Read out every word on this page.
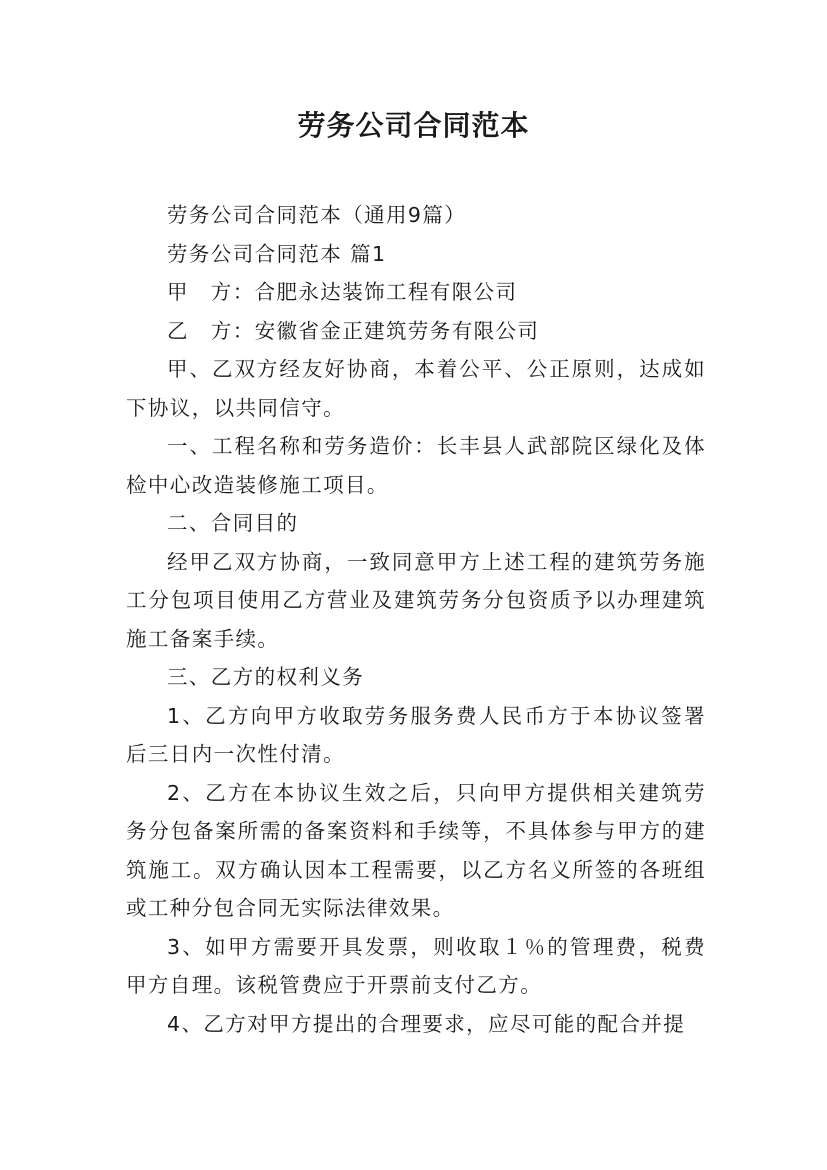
劳务公司合同范本

劳务公司合同范本（通用9篇）

劳务公司合同范本 篇1

甲　方：合肥永达装饰工程有限公司

乙　方：安徽省金正建筑劳务有限公司

甲、乙双方经友好协商，本着公平、公正原则，达成如下协议，以共同信守。

一、工程名称和劳务造价：长丰县人武部院区绿化及体检中心改造装修施工项目。

二、合同目的

经甲乙双方协商，一致同意甲方上述工程的建筑劳务施工分包项目使用乙方营业及建筑劳务分包资质予以办理建筑施工备案手续。

三、乙方的权利义务

1、乙方向甲方收取劳务服务费人民币方于本协议签署后三日内一次性付清。

2、乙方在本协议生效之后，只向甲方提供相关建筑劳务分包备案所需的备案资料和手续等，不具体参与甲方的建筑施工。双方确认因本工程需要，以乙方名义所签的各班组或工种分包合同无实际法律效果。

3、如甲方需要开具发票，则收取１％的管理费，税费甲方自理。该税管费应于开票前支付乙方。

4、乙方对甲方提出的合理要求，应尽可能的配合并提
